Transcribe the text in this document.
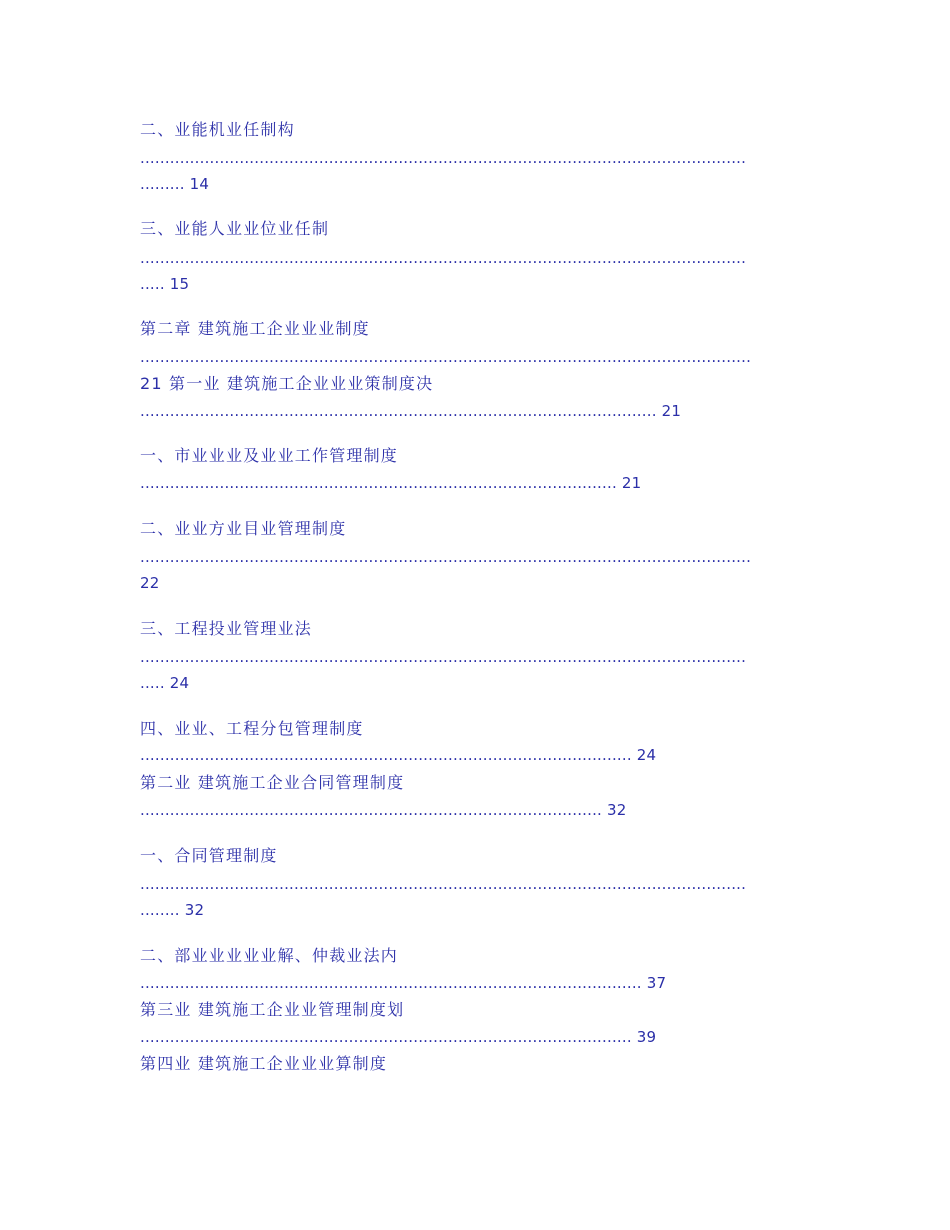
二、业能机业任制构
..........................................................................................................................
......... 14
三、业能人业业位业任制
..........................................................................................................................
..... 15
第二章 建筑施工企业业业制度
...........................................................................................................................
21 第一业 建筑施工企业业业策制度决
........................................................................................................ 21
一、市业业业及业业工作管理制度
................................................................................................ 21
二、业业方业目业管理制度
...........................................................................................................................
22
三、工程投业管理业法
..........................................................................................................................
..... 24
四、业业、工程分包管理制度
................................................................................................... 24
第二业 建筑施工企业合同管理制度
............................................................................................. 32
一、合同管理制度
..........................................................................................................................
........ 32
二、部业业业业业解、仲裁业法内
..................................................................................................... 37
第三业 建筑施工企业业管理制度划
................................................................................................... 39
第四业 建筑施工企业业业算制度
